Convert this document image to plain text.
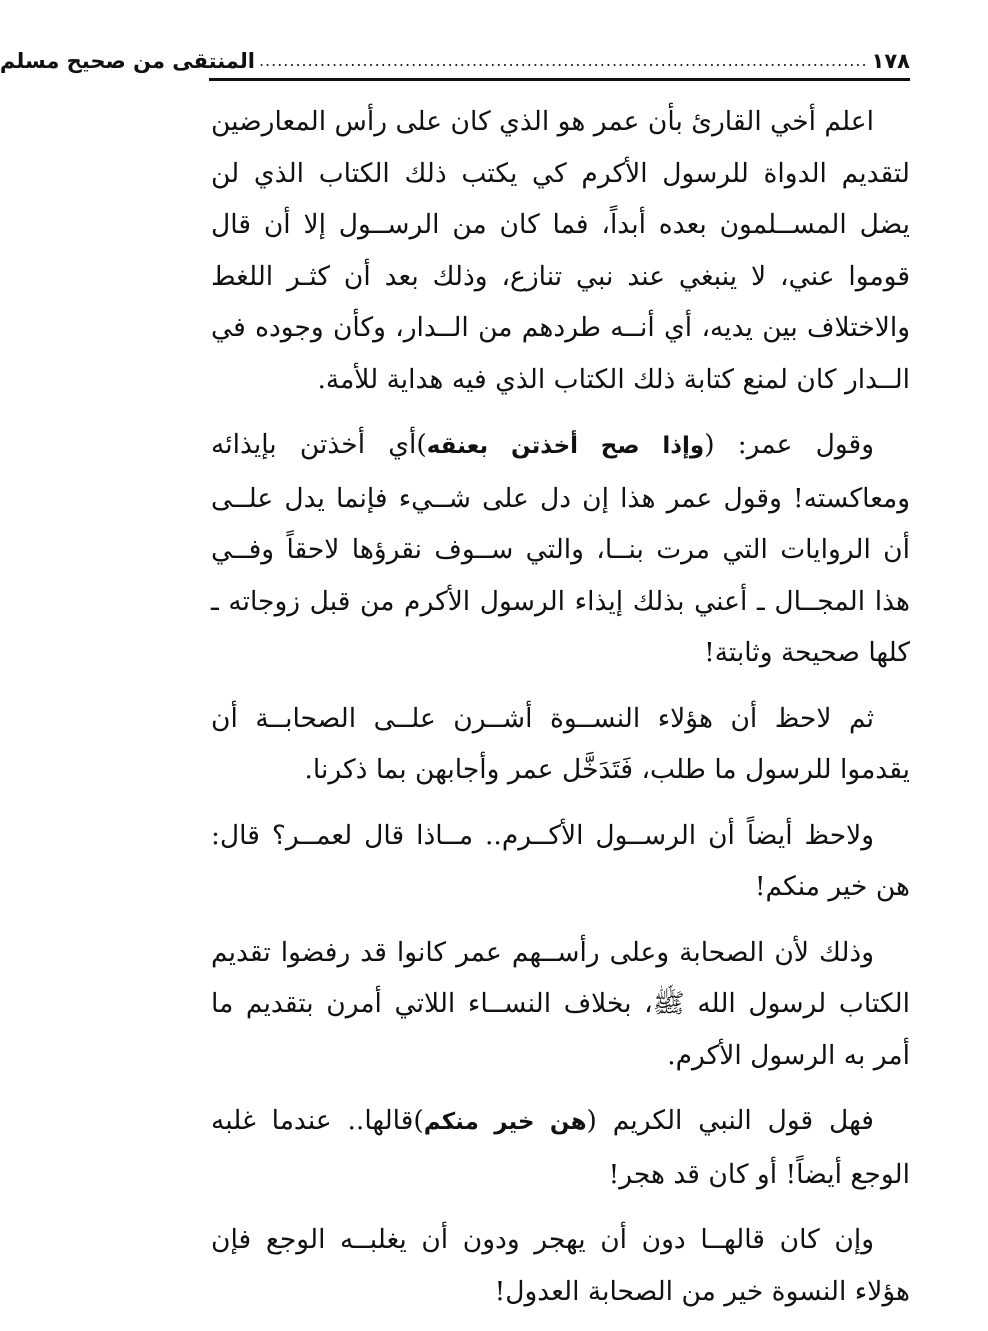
١٧٨
....................................................................................................
المنتقى من صحيح مسلم

اعلم أخي القارئ بأن عمر هو الذي كان على رأس المعارضين لتقديم الدواة للرسول الأكرم كي يكتب ذلك الكتاب الذي لن يضل المســلمون بعده أبداً، فما كان من الرســول إلا أن قال قوموا عني، لا ينبغي عند نبي تنازع، وذلك بعد أن كثـر اللغط والاختلاف بين يديه، أي أنــه طردهم من الــدار، وكأن وجوده في الــدار كان لمنع كتابة ذلك الكتاب الذي فيه هداية للأمة.

وقول عمر: (وإذا صح أخذتن بعنقه)أي أخذتن بإيذائه ومعاكسته! وقول عمر هذا إن دل على شــيء فإنما يدل علــى أن الروايات التي مرت بنــا، والتي ســوف نقرؤها لاحقاً وفــي هذا المجــال ـ أعني بذلك إيذاء الرسول الأكرم من قبل زوجاته ـ كلها صحيحة وثابتة!

ثم لاحظ أن هؤلاء النســوة أشــرن علــى الصحابــة أن يقدموا للرسول ما طلب، فَتَدَخَّل عمر وأجابهن بما ذكرنا.

ولاحظ أيضاً أن الرســول الأكــرم.. مــاذا قال لعمــر؟ قال: هن خير منكم!

وذلك لأن الصحابة وعلى رأســهم عمر كانوا قد رفضوا تقديم الكتاب لرسول الله ﷺ، بخلاف النســاء اللاتي أمرن بتقديم ما أمر به الرسول الأكرم.

فهل قول النبي الكريم (هن خير منكم)قالها.. عندما غلبه الوجع أيضاً! أو كان قد هجر!

وإن كان قالهــا دون أن يهجر ودون أن يغلبــه الوجع فإن هؤلاء النسوة خير من الصحابة العدول!
